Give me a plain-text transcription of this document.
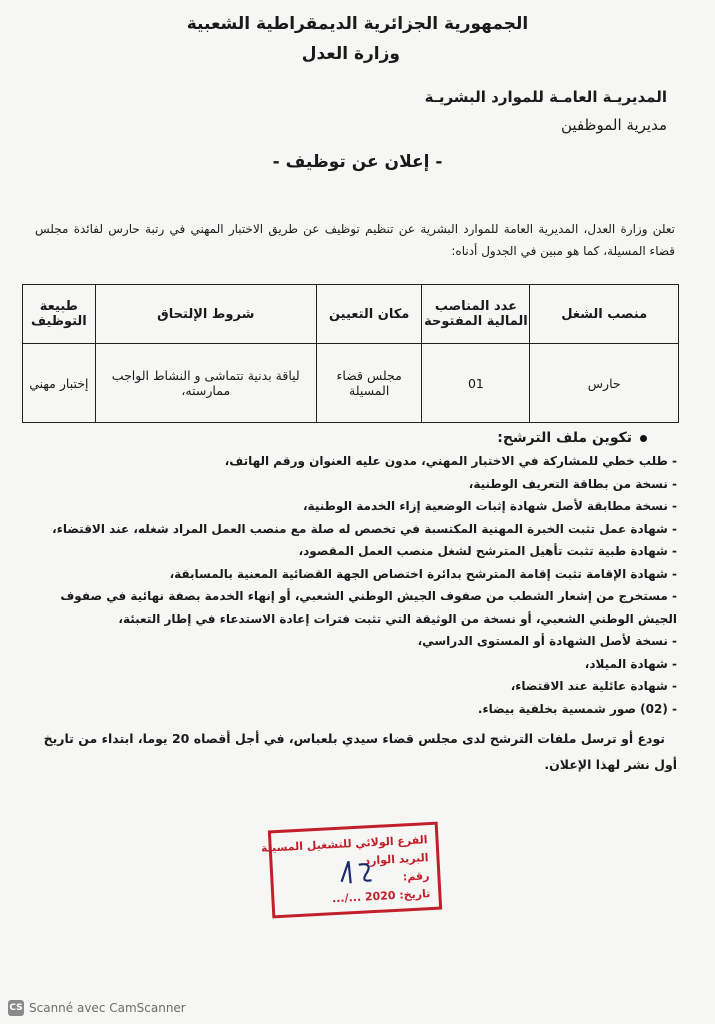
الجمهورية الجزائرية الديمقراطية الشعبية
وزارة العدل
المديريـة العامـة للموارد البشريـة
مديرية الموظفين
- إعلان عن توظيف -
تعلن وزارة العدل، المديرية العامة للموارد البشرية عن تنظيم توظيف عن طريق الاختبار المهني في رتبة حارس لفائدة مجلس قضاء المسيلة، كما هو مبين في الجدول أدناه:
منصب الشغل	عدد المناصب المالية المفتوحة	مكان التعيين	شروط الإلتحاق	طبيعة التوظيف
حارس	01	مجلس قضاء المسيلة	لياقة بدنية تتماشى و النشاط الواجب ممارسته،	إختبار مهني
تكوين ملف الترشح:
- طلب خطي للمشاركة في الاختبار المهني، مدون عليه العنوان ورقم الهاتف،
- نسخة من بطاقة التعريف الوطنية،
- نسخة مطابقة لأصل شهادة إثبات الوضعية إزاء الخدمة الوطنية،
- شهادة عمل تثبت الخبرة المهنية المكتسبة في تخصص له صلة مع منصب العمل المراد شغله، عند الاقتضاء،
- شهادة طبية تثبت تأهيل المترشح لشغل منصب العمل المقصود،
- شهادة الإقامة تثبت إقامة المترشح بدائرة اختصاص الجهة القضائية المعنية بالمسابقة،
- مستخرج من إشعار الشطب من صفوف الجيش الوطني الشعبي، أو إنهاء الخدمة بصفة نهائية في صفوف الجيش الوطني الشعبي، أو نسخة من الوثيقة التي تثبت فترات إعادة الاستدعاء في إطار التعبئة،
- نسخة لأصل الشهادة أو المستوى الدراسي،
- شهادة الميلاد،
- شهادة عائلية عند الاقتضاء،
- (02) صور شمسية بخلفية بيضاء.
تودع أو ترسل ملفات الترشح لدى مجلس قضاء سيدي بلعباس، في أجل أقصاه 20 يوما، ابتداء من تاريخ أول نشر لهذا الإعلان.
الفرع الولائي للتشغيل المسيلة
البريد الوارد
رقم:
تاريخ: 2020 .../...
CS Scanné avec CamScanner
